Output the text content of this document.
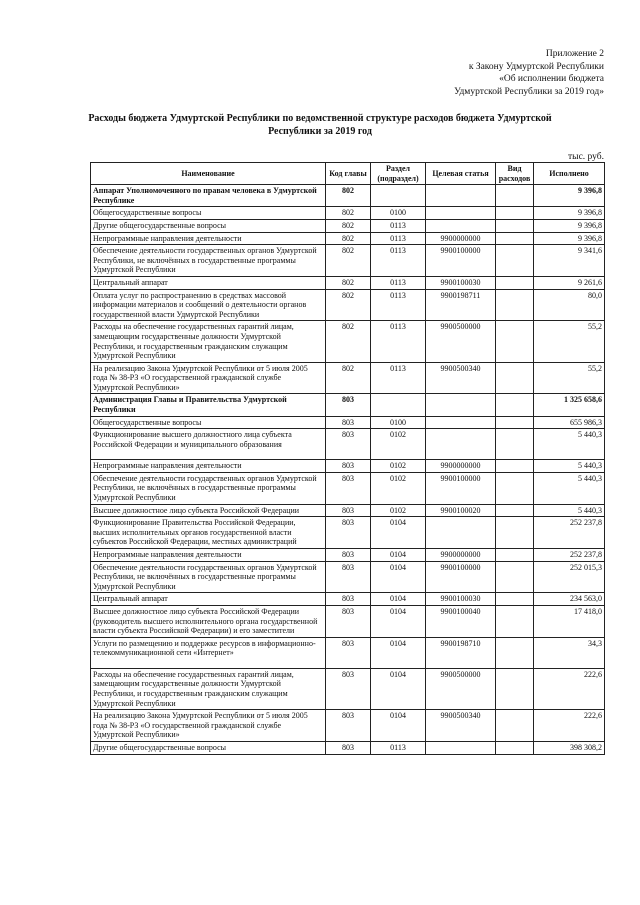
Приложение 2
к Закону Удмуртской Республики
«Об исполнении бюджета
Удмуртской Республики за 2019 год»
Расходы бюджета Удмуртской Республики по ведомственной структуре расходов бюджета Удмуртской
Республики за 2019 год
тыс. руб.
Наименование	Код главы	Раздел (подраздел)	Целевая статья	Вид расходов	Исполнено
Аппарат Уполномоченного по правам человека в Удмуртской Республике	802				9 396,8
Общегосударственные вопросы	802	0100			9 396,8
Другие общегосударственные вопросы	802	0113			9 396,8
Непрограммные направления деятельности	802	0113	9900000000		9 396,8
Обеспечение деятельности государственных органов Удмуртской Республики, не включённых в государственные программы Удмуртской Республики	802	0113	9900100000		9 341,6
Центральный аппарат	802	0113	9900100030		9 261,6
Оплата услуг по распространению в средствах массовой информации материалов и сообщений о деятельности органов государственной власти Удмуртской Республики	802	0113	9900198711		80,0
Расходы на обеспечение государственных гарантий лицам, замещающим государственные должности Удмуртской Республики, и государственным гражданским служащим Удмуртской Республики	802	0113	9900500000		55,2
На реализацию Закона Удмуртской Республики от 5 июля 2005 года № 38-РЗ «О государственной гражданской службе Удмуртской Республики»	802	0113	9900500340		55,2
Администрация Главы и Правительства Удмуртской Республики	803				1 325 658,6
Общегосударственные вопросы	803	0100			655 986,3
Функционирование высшего должностного лица субъекта Российской Федерации и муниципального образования	803	0102			5 440,3
Непрограммные направления деятельности	803	0102	9900000000		5 440,3
Обеспечение деятельности государственных органов Удмуртской Республики, не включённых в государственные программы Удмуртской Республики	803	0102	9900100000		5 440,3
Высшее должностное лицо субъекта Российской Федерации	803	0102	9900100020		5 440,3
Функционирование Правительства Российской Федерации, высших исполнительных органов государственной власти субъектов Российской Федерации, местных администраций	803	0104			252 237,8
Непрограммные направления деятельности	803	0104	9900000000		252 237,8
Обеспечение деятельности государственных органов Удмуртской Республики, не включённых в государственные программы Удмуртской Республики	803	0104	9900100000		252 015,3
Центральный аппарат	803	0104	9900100030		234 563,0
Высшее должностное лицо субъекта Российской Федерации (руководитель высшего исполнительного органа государственной власти субъекта Российской Федерации) и его заместители	803	0104	9900100040		17 418,0
Услуги по размещению и поддержке ресурсов в информационно-телекоммуникационной сети «Интернет»	803	0104	9900198710		34,3
Расходы на обеспечение государственных гарантий лицам, замещающим государственные должности Удмуртской Республики, и государственным гражданским служащим Удмуртской Республики	803	0104	9900500000		222,6
На реализацию Закона Удмуртской Республики от 5 июля 2005 года № 38-РЗ «О государственной гражданской службе Удмуртской Республики»	803	0104	9900500340		222,6
Другие общегосударственные вопросы	803	0113			398 308,2
